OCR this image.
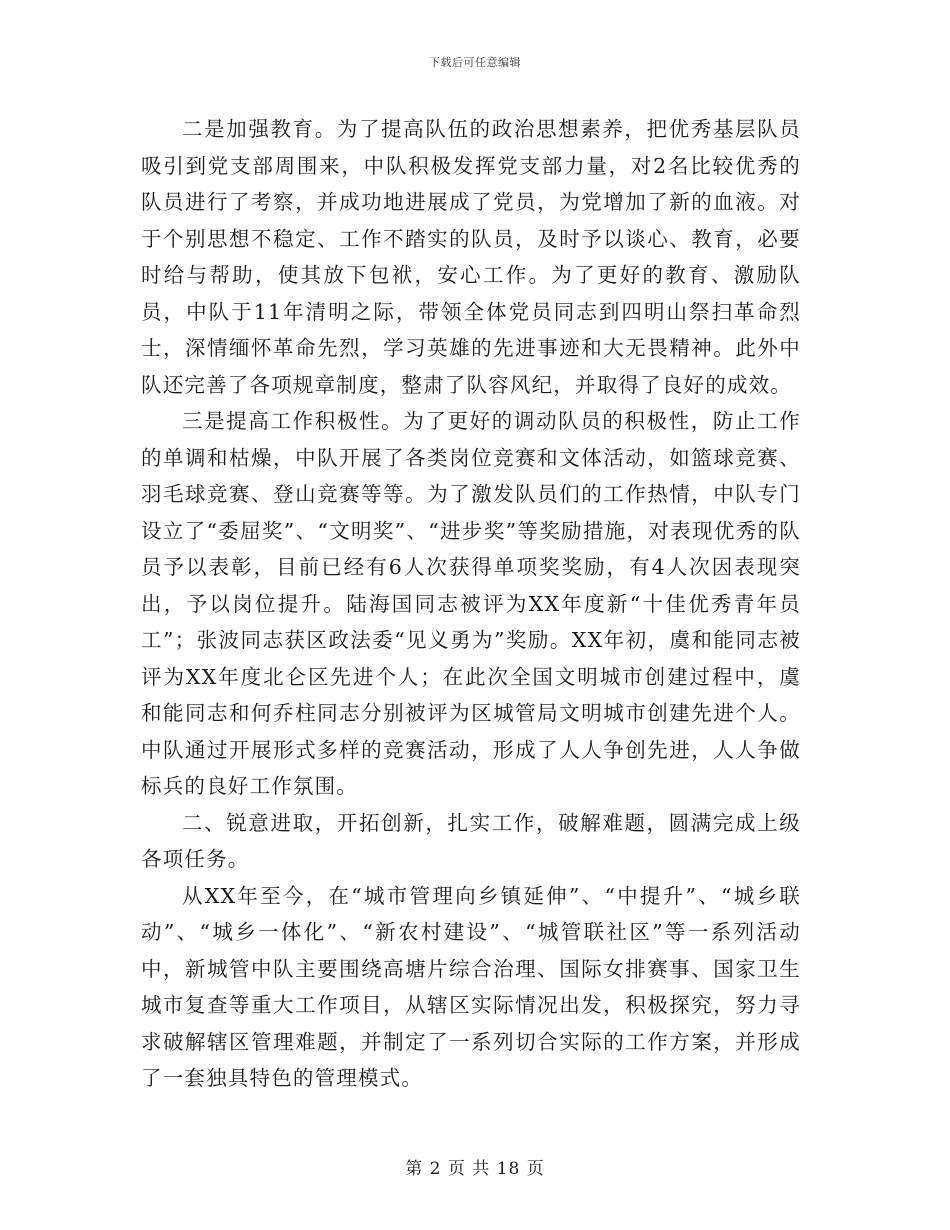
下载后可任意编辑

二是加强教育。为了提高队伍的政治思想素养，把优秀基层队员吸引到党支部周围来，中队积极发挥党支部力量，对2名比较优秀的队员进行了考察，并成功地进展成了党员，为党增加了新的血液。对于个别思想不稳定、工作不踏实的队员，及时予以谈心、教育，必要时给与帮助，使其放下包袱，安心工作。为了更好的教育、激励队员，中队于11年清明之际，带领全体党员同志到四明山祭扫革命烈士，深情缅怀革命先烈，学习英雄的先进事迹和大无畏精神。此外中队还完善了各项规章制度，整肃了队容风纪，并取得了良好的成效。

三是提高工作积极性。为了更好的调动队员的积极性，防止工作的单调和枯燥，中队开展了各类岗位竞赛和文体活动，如篮球竞赛、羽毛球竞赛、登山竞赛等等。为了激发队员们的工作热情，中队专门设立了“委屈奖”、“文明奖”、“进步奖”等奖励措施，对表现优秀的队员予以表彰，目前已经有6人次获得单项奖奖励，有4人次因表现突出，予以岗位提升。陆海国同志被评为XX年度新“十佳优秀青年员工”；张波同志获区政法委“见义勇为”奖励。XX年初，虞和能同志被评为XX年度北仑区先进个人；在此次全国文明城市创建过程中，虞和能同志和何乔柱同志分别被评为区城管局文明城市创建先进个人。中队通过开展形式多样的竞赛活动，形成了人人争创先进，人人争做标兵的良好工作氛围。

二、锐意进取，开拓创新，扎实工作，破解难题，圆满完成上级各项任务。

从XX年至今，在“城市管理向乡镇延伸”、“中提升”、“城乡联动”、“城乡一体化”、“新农村建设”、“城管联社区”等一系列活动中，新城管中队主要围绕高塘片综合治理、国际女排赛事、国家卫生城市复查等重大工作项目，从辖区实际情况出发，积极探究，努力寻求破解辖区管理难题，并制定了一系列切合实际的工作方案，并形成了一套独具特色的管理模式。

第 2 页 共 18 页
